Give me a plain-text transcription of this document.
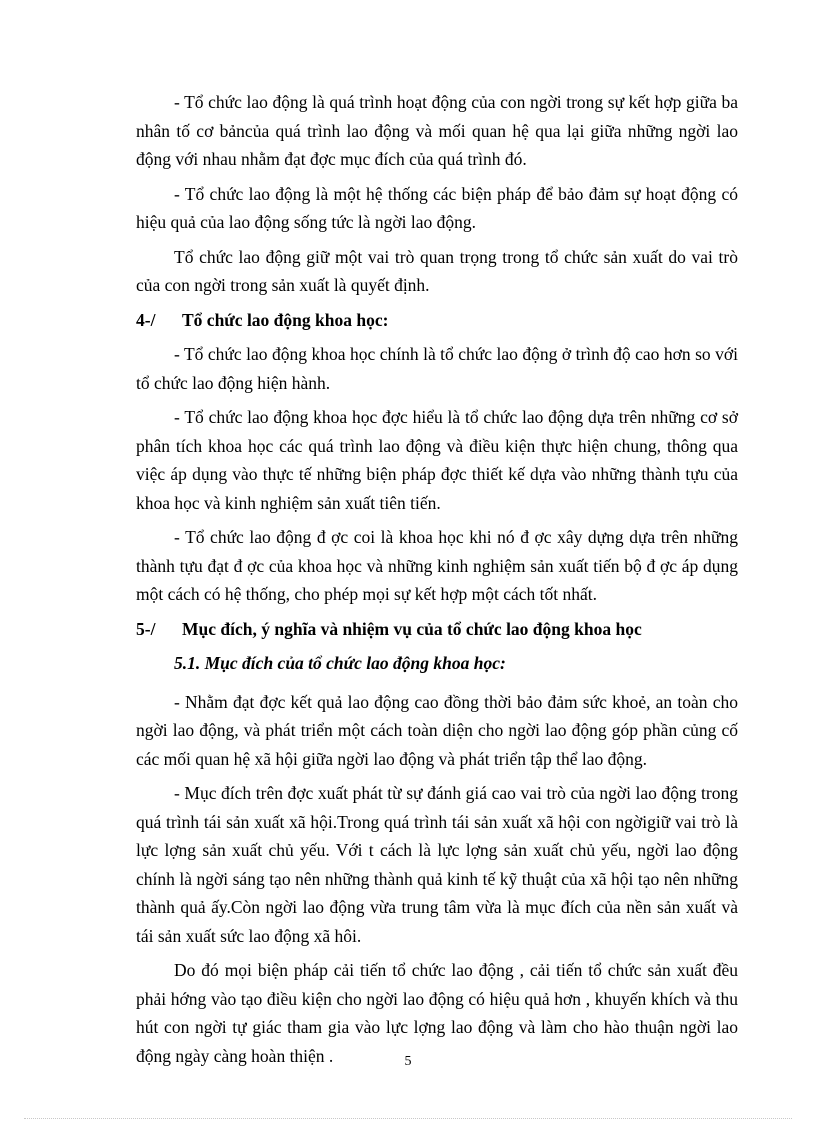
- Tổ chức lao động là quá trình hoạt động của con ngời trong sự kết hợp giữa ba nhân tố cơ bảncủa quá trình lao động và mối quan hệ qua lại giữa những ngời lao động với nhau nhằm đạt đợc mục đích của quá trình đó.

- Tổ chức lao động là một hệ thống các biện pháp để bảo đảm sự hoạt động có hiệu quả của lao động sống tức là ngời lao động.

Tổ chức lao động giữ một vai trò quan trọng trong tổ chức sản xuất do vai trò của con ngời trong sản xuất là quyết định.

4-/	Tổ chức lao động khoa học:

- Tổ chức lao động khoa học chính là tổ chức lao động ở trình độ cao hơn so với tổ chức lao động hiện hành.

- Tổ chức lao động khoa học đợc hiểu là tổ chức lao động dựa trên những cơ sở phân tích khoa học các quá trình lao động và điều kiện thực hiện chung, thông qua việc áp dụng vào thực tế những biện pháp đợc thiết kế dựa vào những thành tựu của khoa học và kinh nghiệm sản xuất tiên tiến.

- Tổ chức lao động đ ợc coi là khoa học khi nó đ ợc xây dựng dựa trên những thành tựu đạt đ ợc của khoa học và những kinh nghiệm sản xuất tiến bộ đ ợc áp dụng một cách có hệ thống, cho phép mọi sự kết hợp một cách tốt nhất.

5-/	Mục đích, ý nghĩa và nhiệm vụ của tổ chức lao động khoa học
5.1. Mục đích của tổ chức lao động khoa học:

- Nhằm đạt đợc kết quả lao động cao đồng thời bảo đảm sức khoẻ, an toàn cho ngời lao động, và phát triển một cách toàn diện cho ngời lao động góp phần củng cố các mối quan hệ xã hội giữa ngời lao động và phát triển tập thể lao động.

- Mục đích trên đợc xuất phát từ sự đánh giá cao vai trò của ngời lao động trong quá trình tái sản xuất xã hội.Trong quá trình tái sản xuất xã hội con ngờigiữ vai trò là lực lợng sản xuất chủ yếu. Với t cách là lực lợng sản xuất chủ yếu, ngời lao động chính là ngời sáng tạo nên những thành quả kinh tế kỹ thuật của xã hội tạo nên những thành quả ấy.Còn ngời lao động vừa trung tâm vừa là mục đích của nền sản xuất và tái sản xuất sức lao động xã hôi.

Do đó mọi biện pháp cải tiến tổ chức lao động , cải tiến tổ chức sản xuất đều phải hớng vào tạo điều kiện cho ngời lao động có hiệu quả hơn , khuyến khích và thu hút con ngời tự giác tham gia vào lực lợng lao động và làm cho hào thuận ngời lao động ngày càng hoàn thiện .	5
